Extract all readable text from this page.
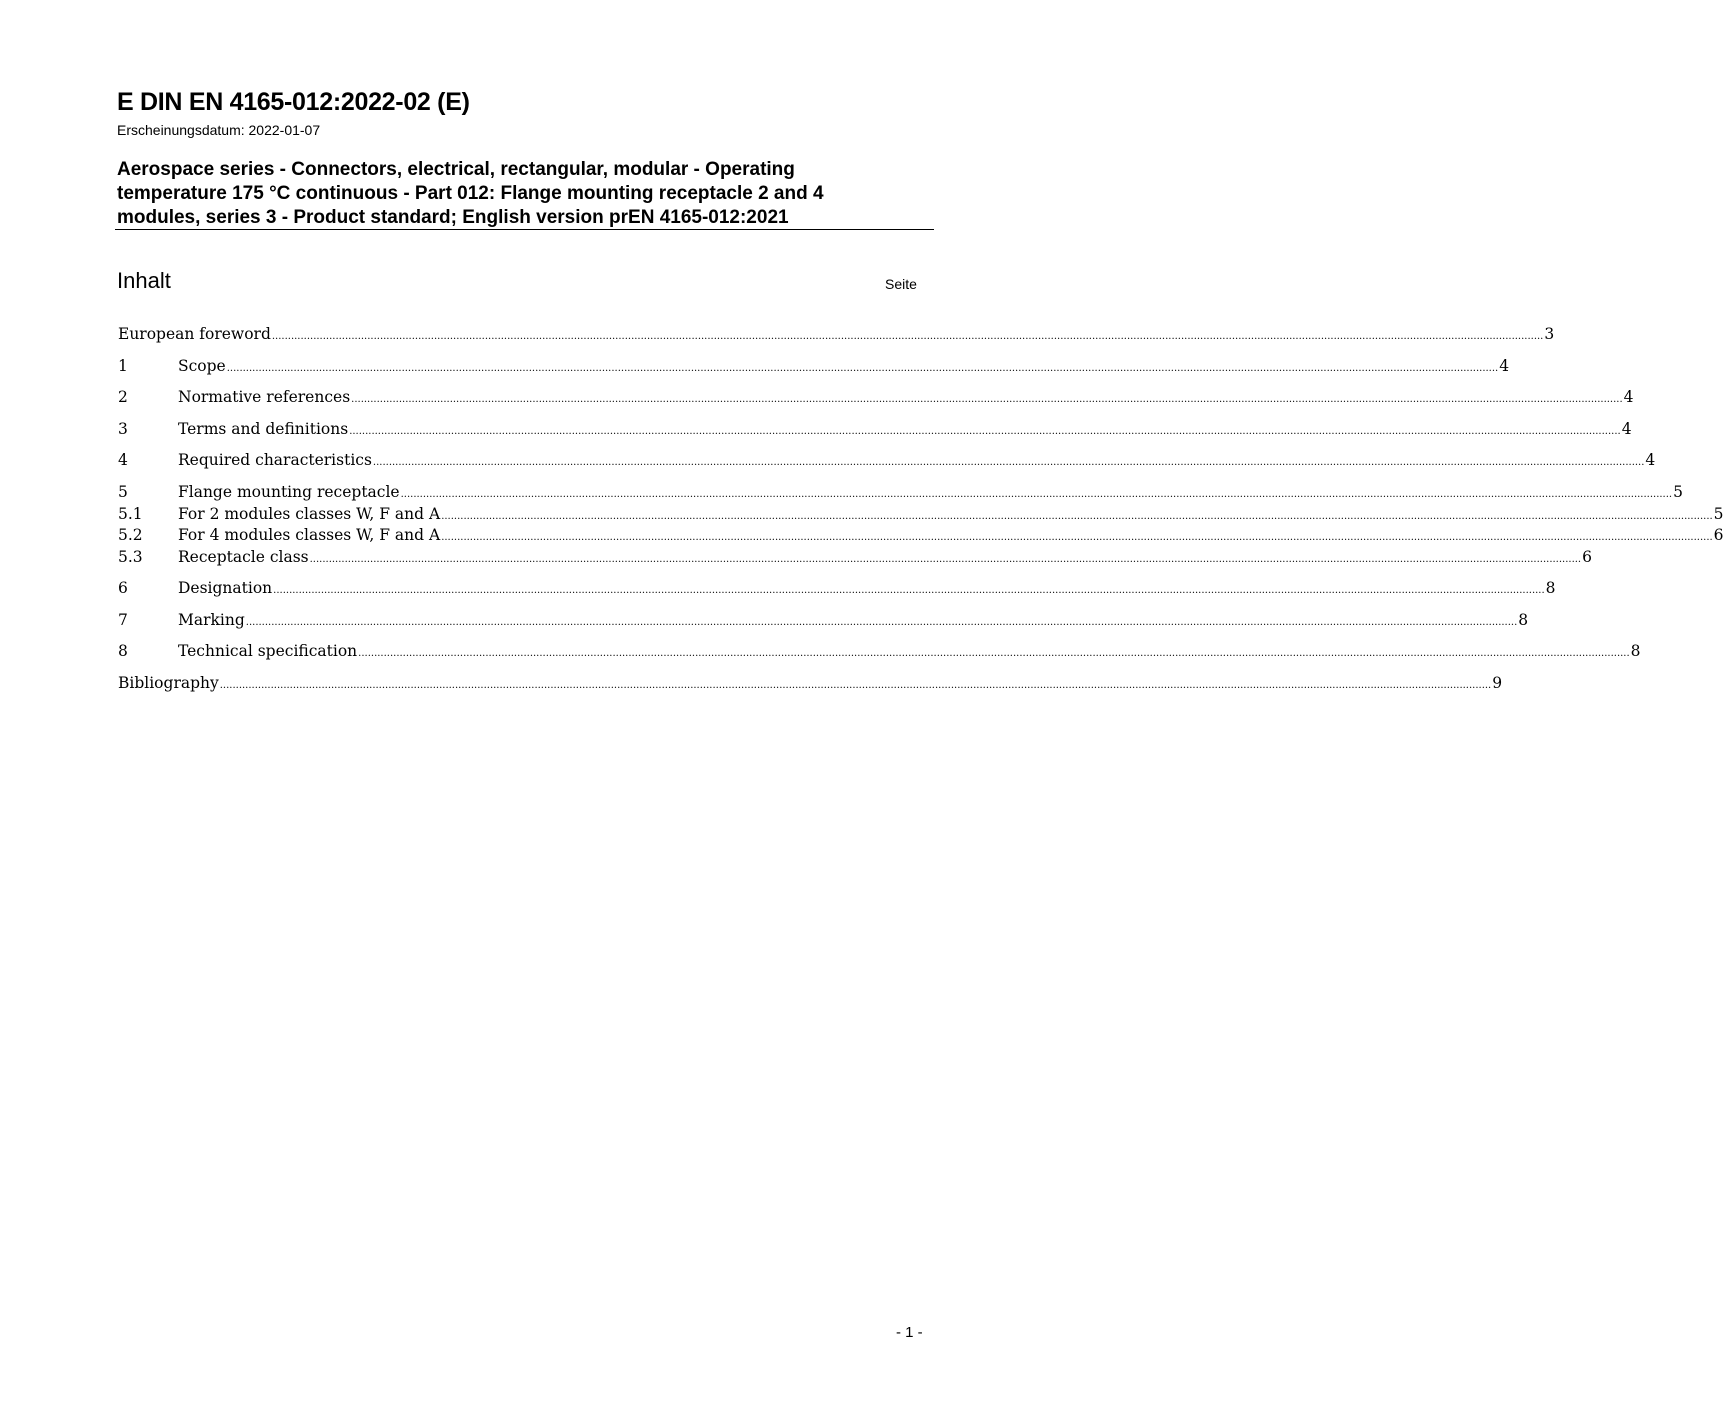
E DIN EN 4165-012:2022-02 (E)
Erscheinungsdatum: 2022-01-07

Aerospace series - Connectors, electrical, rectangular, modular - Operating temperature 175 °C continuous - Part 012: Flange mounting receptacle 2 and 4 modules, series 3 - Product standard; English version prEN 4165-012:2021

Inhalt	Seite
European foreword ................................................................................................................................................................................................................................................................................................................................................................................................................ 3
1	Scope ................................................................................................................................................................................................................................................................................................................................................................................................................ 4
2	Normative references ................................................................................................................................................................................................................................................................................................................................................................................................................ 4
3	Terms and definitions ................................................................................................................................................................................................................................................................................................................................................................................................................ 4
4	Required characteristics ................................................................................................................................................................................................................................................................................................................................................................................................................ 4
5	Flange mounting receptacle ................................................................................................................................................................................................................................................................................................................................................................................................................ 5
5.1	For 2 modules classes W, F and A ................................................................................................................................................................................................................................................................................................................................................................................................................ 5
5.2	For 4 modules classes W, F and A ................................................................................................................................................................................................................................................................................................................................................................................................................ 6
5.3	Receptacle class ................................................................................................................................................................................................................................................................................................................................................................................................................ 6
6	Designation ................................................................................................................................................................................................................................................................................................................................................................................................................ 8
7	Marking ................................................................................................................................................................................................................................................................................................................................................................................................................ 8
8	Technical specification ................................................................................................................................................................................................................................................................................................................................................................................................................ 8
Bibliography ................................................................................................................................................................................................................................................................................................................................................................................................................ 9
- 1 -
